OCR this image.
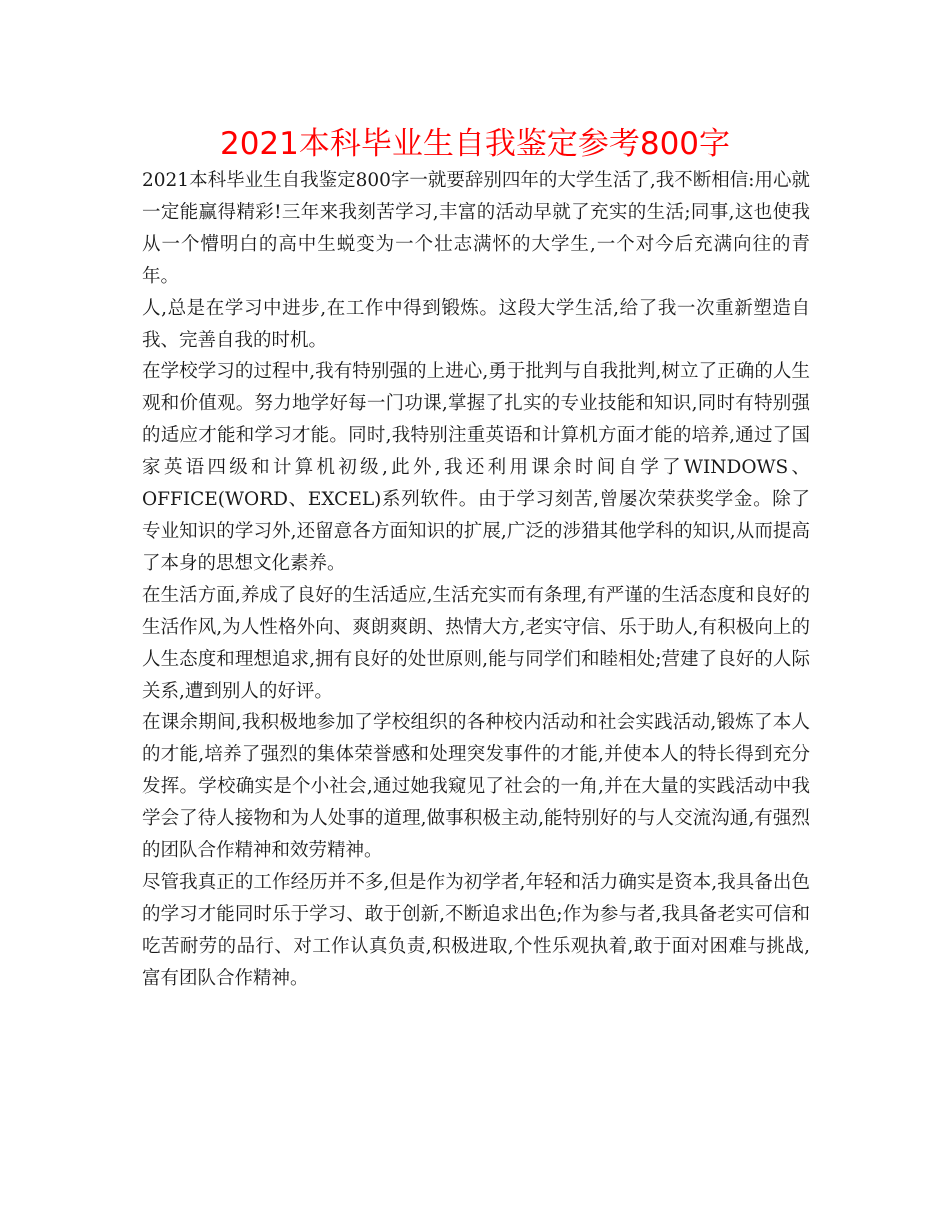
2021本科毕业生自我鉴定参考800字

2021本科毕业生自我鉴定800字一就要辞别四年的大学生活了,我不断相信:用心就一定能赢得精彩!三年来我刻苦学习,丰富的活动早就了充实的生活;同事,这也使我从一个懵明白的高中生蜕变为一个壮志满怀的大学生,一个对今后充满向往的青年。

人,总是在学习中进步,在工作中得到锻炼。这段大学生活,给了我一次重新塑造自我、完善自我的时机。

在学校学习的过程中,我有特别强的上进心,勇于批判与自我批判,树立了正确的人生观和价值观。努力地学好每一门功课,掌握了扎实的专业技能和知识,同时有特别强的适应才能和学习才能。同时,我特别注重英语和计算机方面才能的培养,通过了国家英语四级和计算机初级,此外,我还利用课余时间自学了WINDOWS、OFFICE(WORD、EXCEL)系列软件。由于学习刻苦,曾屡次荣获奖学金。除了专业知识的学习外,还留意各方面知识的扩展,广泛的涉猎其他学科的知识,从而提高了本身的思想文化素养。

在生活方面,养成了良好的生活适应,生活充实而有条理,有严谨的生活态度和良好的生活作风,为人性格外向、爽朗爽朗、热情大方,老实守信、乐于助人,有积极向上的人生态度和理想追求,拥有良好的处世原则,能与同学们和睦相处;营建了良好的人际关系,遭到别人的好评。

在课余期间,我积极地参加了学校组织的各种校内活动和社会实践活动,锻炼了本人的才能,培养了强烈的集体荣誉感和处理突发事件的才能,并使本人的特长得到充分发挥。学校确实是个小社会,通过她我窥见了社会的一角,并在大量的实践活动中我学会了待人接物和为人处事的道理,做事积极主动,能特别好的与人交流沟通,有强烈的团队合作精神和效劳精神。

尽管我真正的工作经历并不多,但是作为初学者,年轻和活力确实是资本,我具备出色的学习才能同时乐于学习、敢于创新,不断追求出色;作为参与者,我具备老实可信和吃苦耐劳的品行、对工作认真负责,积极进取,个性乐观执着,敢于面对困难与挑战,富有团队合作精神。
